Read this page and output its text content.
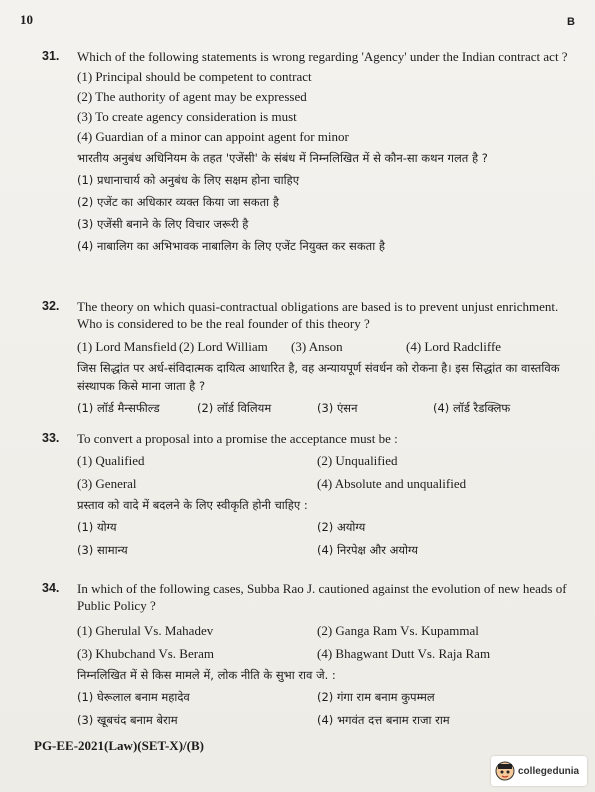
10	B
31.	Which of the following statements is wrong regarding 'Agency' under the Indian contract act ?
(1) Principal should be competent to contract
(2) The authority of agent may be expressed
(3) To create agency consideration is must
(4) Guardian of a minor can appoint agent for minor
भारतीय अनुबंध अधिनियम के तहत 'एजेंसी' के संबंध में निम्नलिखित में से कौन-सा कथन गलत है ?
(1) प्रधानाचार्य को अनुबंध के लिए सक्षम होना चाहिए
(2) एजेंट का अधिकार व्यक्त किया जा सकता है
(3) एजेंसी बनाने के लिए विचार जरूरी है
(4) नाबालिग का अभिभावक नाबालिग के लिए एजेंट नियुक्त कर सकता है
32.	The theory on which quasi-contractual obligations are based is to prevent unjust enrichment. Who is considered to be the real founder of this theory ?
(1) Lord Mansfield (2) Lord William	(3) Anson	(4) Lord Radcliffe
जिस सिद्धांत पर अर्ध-संविदात्मक दायित्व आधारित है, वह अन्यायपूर्ण संवर्धन को रोकना है। इस सिद्धांत का वास्तविक संस्थापक किसे माना जाता है ?
(1) लॉर्ड मैन्सफील्ड	(2) लॉर्ड विलियम	(3) एंसन	(4) लॉर्ड रैडक्लिफ
33.	To convert a proposal into a promise the acceptance must be :
(1) Qualified	(2) Unqualified
(3) General	(4) Absolute and unqualified
प्रस्ताव को वादे में बदलने के लिए स्वीकृति होनी चाहिए :
(1) योग्य	(2) अयोग्य
(3) सामान्य	(4) निरपेक्ष और अयोग्य
34.	In which of the following cases, Subba Rao J. cautioned against the evolution of new heads of Public Policy ?
(1) Gherulal Vs. Mahadev	(2) Ganga Ram Vs. Kupammal
(3) Khubchand Vs. Beram	(4) Bhagwant Dutt Vs. Raja Ram
निम्नलिखित में से किस मामले में, लोक नीति के सुभा राव जे. :
(1) घेरूलाल बनाम महादेव	(2) गंगा राम बनाम कुपम्मल
(3) खूबचंद बनाम बेराम	(4) भगवंत दत्त बनाम राजा राम
PG-EE-2021(Law)(SET-X)/(B)
collegedunia
